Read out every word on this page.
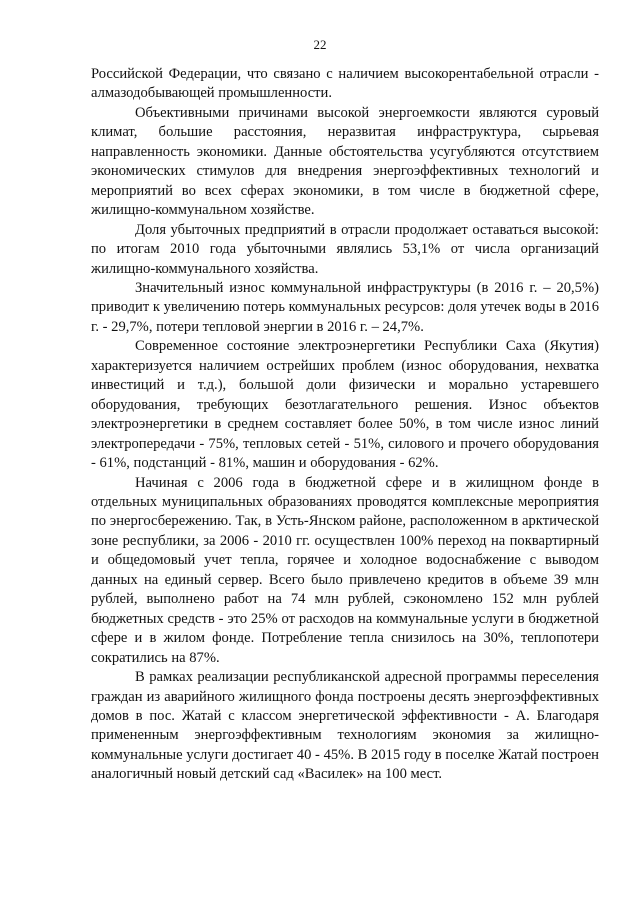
22

Российской Федерации, что связано с наличием высокорентабельной отрасли - алмазодобывающей промышленности.

Объективными причинами высокой энергоемкости являются суровый климат, большие расстояния, неразвитая инфраструктура, сырьевая направленность экономики. Данные обстоятельства усугубляются отсутствием экономических стимулов для внедрения энергоэффективных технологий и мероприятий во всех сферах экономики, в том числе в бюджетной сфере, жилищно-коммунальном хозяйстве.

Доля убыточных предприятий в отрасли продолжает оставаться высокой: по итогам 2010 года убыточными являлись 53,1% от числа организаций жилищно-коммунального хозяйства.

Значительный износ коммунальной инфраструктуры (в 2016 г. – 20,5%) приводит к увеличению потерь коммунальных ресурсов: доля утечек воды в 2016 г. - 29,7%, потери тепловой энергии в 2016 г. – 24,7%.

Современное состояние электроэнергетики Республики Саха (Якутия) характеризуется наличием острейших проблем (износ оборудования, нехватка инвестиций и т.д.), большой доли физически и морально устаревшего оборудования, требующих безотлагательного решения. Износ объектов электроэнергетики в среднем составляет более 50%, в том числе износ линий электропередачи - 75%, тепловых сетей - 51%, силового и прочего оборудования - 61%, подстанций - 81%, машин и оборудования - 62%.

Начиная с 2006 года в бюджетной сфере и в жилищном фонде в отдельных муниципальных образованиях проводятся комплексные мероприятия по энергосбережению. Так, в Усть-Янском районе, расположенном в арктической зоне республики, за 2006 - 2010 гг. осуществлен 100% переход на поквартирный и общедомовый учет тепла, горячее и холодное водоснабжение с выводом данных на единый сервер. Всего было привлечено кредитов в объеме 39 млн рублей, выполнено работ на 74 млн рублей, сэкономлено 152 млн рублей бюджетных средств - это 25% от расходов на коммунальные услуги в бюджетной сфере и в жилом фонде. Потребление тепла снизилось на 30%, теплопотери сократились на 87%.

В рамках реализации республиканской адресной программы переселения граждан из аварийного жилищного фонда построены десять энергоэффективных домов в пос. Жатай с классом энергетической эффективности - А. Благодаря примененным энергоэффективным технологиям экономия за жилищно-коммунальные услуги достигает 40 - 45%. В 2015 году в поселке Жатай построен аналогичный новый детский сад «Василек» на 100 мест.
